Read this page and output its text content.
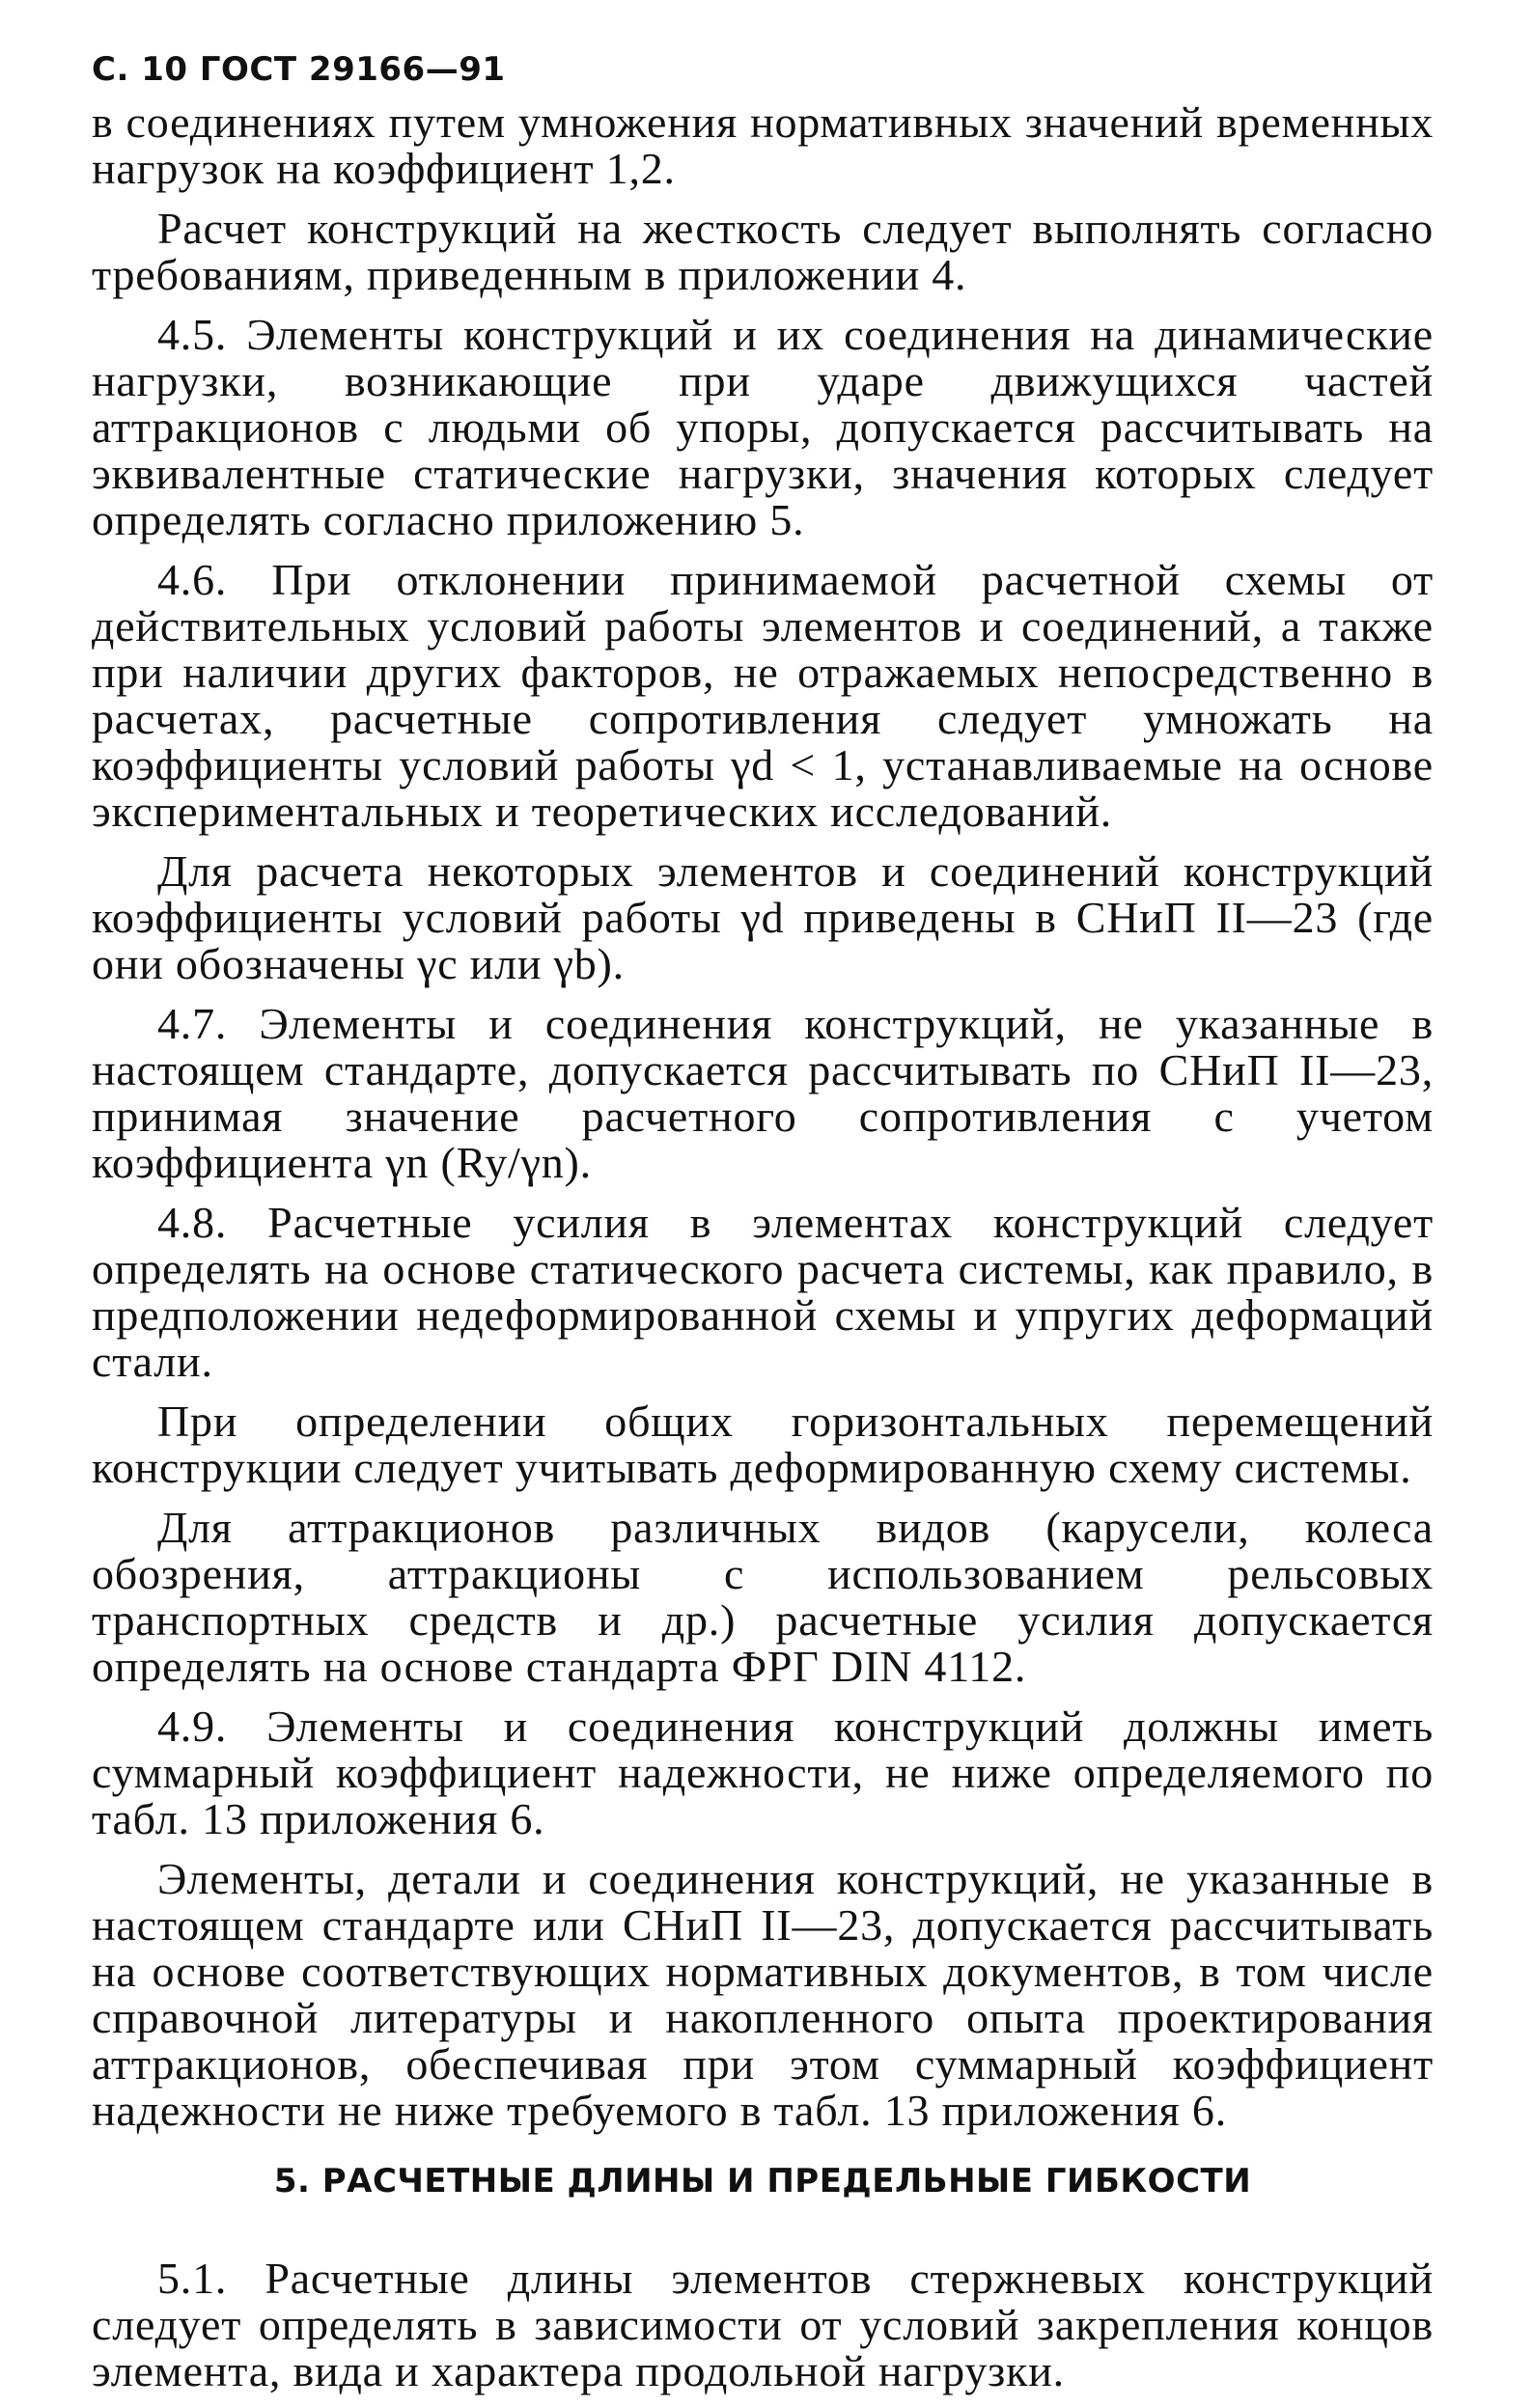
С. 10 ГОСТ 29166—91

в соединениях путем умножения нормативных значений временных нагрузок на коэффициент 1,2.

Расчет конструкций на жесткость следует выполнять согласно требованиям, приведенным в приложении 4.

4.5. Элементы конструкций и их соединения на динамические нагрузки, возникающие при ударе движущихся частей аттракционов с людьми об упоры, допускается рассчитывать на эквивалентные статические нагрузки, значения которых следует определять согласно приложению 5.

4.6. При отклонении принимаемой расчетной схемы от действительных условий работы элементов и соединений, а также при наличии других факторов, не отражаемых непосредственно в расчетах, расчетные сопротивления следует умножать на коэффициенты условий работы γd < 1, устанавливаемые на основе экспериментальных и теоретических исследований.

Для расчета некоторых элементов и соединений конструкций коэффициенты условий работы γd приведены в СНиП II—23 (где они обозначены γc или γb).

4.7. Элементы и соединения конструкций, не указанные в настоящем стандарте, допускается рассчитывать по СНиП II—23, принимая значение расчетного сопротивления с учетом коэффициента γn (Ry/γn).

4.8. Расчетные усилия в элементах конструкций следует определять на основе статического расчета системы, как правило, в предположении недеформированной схемы и упругих деформаций стали.

При определении общих горизонтальных перемещений конструкции следует учитывать деформированную схему системы.

Для аттракционов различных видов (карусели, колеса обозрения, аттракционы с использованием рельсовых транспортных средств и др.) расчетные усилия допускается определять на основе стандарта ФРГ DIN 4112.

4.9. Элементы и соединения конструкций должны иметь суммарный коэффициент надежности, не ниже определяемого по табл. 13 приложения 6.

Элементы, детали и соединения конструкций, не указанные в настоящем стандарте или СНиП II—23, допускается рассчитывать на основе соответствующих нормативных документов, в том числе справочной литературы и накопленного опыта проектирования аттракционов, обеспечивая при этом суммарный коэффициент надежности не ниже требуемого в табл. 13 приложения 6.

5. РАСЧЕТНЫЕ ДЛИНЫ И ПРЕДЕЛЬНЫЕ ГИБКОСТИ

5.1. Расчетные длины элементов стержневых конструкций следует определять в зависимости от условий закрепления концов элемента, вида и характера продольной нагрузки.
